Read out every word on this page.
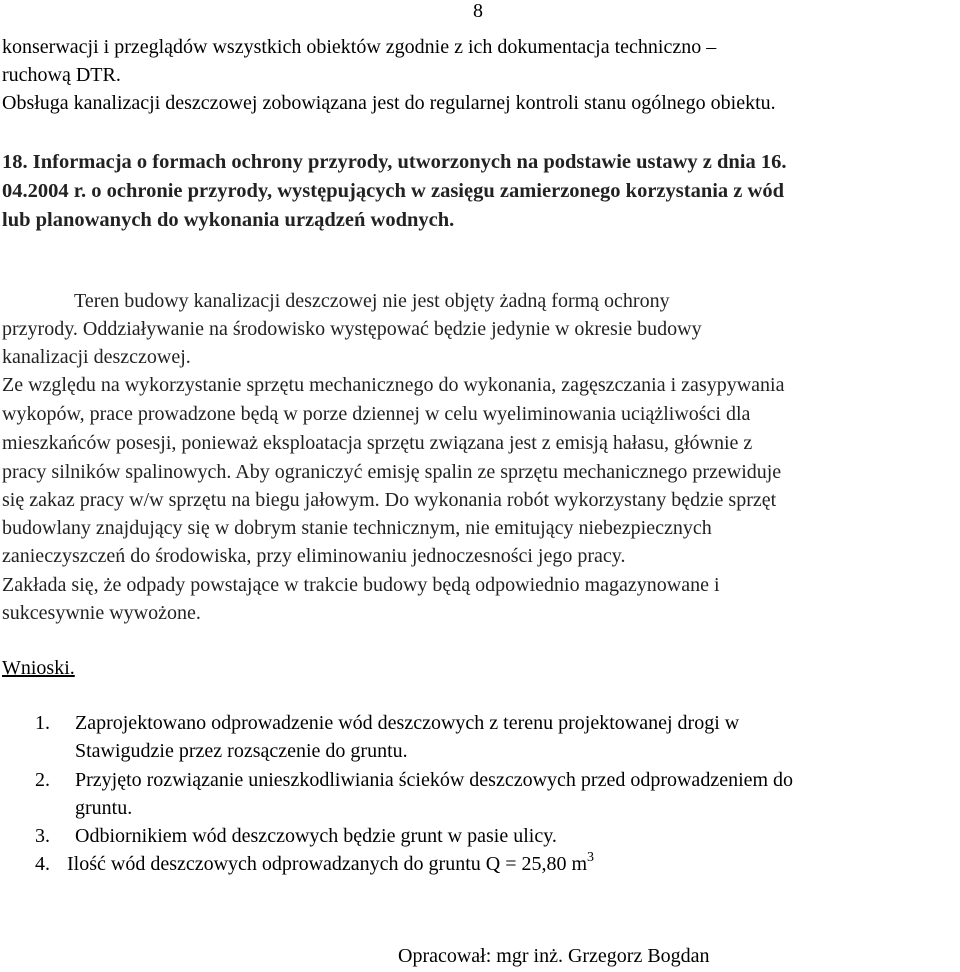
8
konserwacji i przeglądów wszystkich obiektów zgodnie z ich dokumentacja techniczno –
ruchową DTR.
Obsługa kanalizacji deszczowej zobowiązana jest do regularnej kontroli stanu ogólnego obiektu.
18. Informacja o formach ochrony przyrody, utworzonych na podstawie ustawy z dnia 16.
04.2004 r. o ochronie przyrody, występujących w zasięgu zamierzonego korzystania z wód
lub planowanych do wykonania urządzeń wodnych.
Teren budowy kanalizacji deszczowej nie jest objęty żadną formą ochrony
przyrody. Oddziaływanie na środowisko występować będzie jedynie w okresie budowy
kanalizacji deszczowej.
Ze względu na wykorzystanie sprzętu mechanicznego do wykonania, zagęszczania i zasypywania
wykopów, prace prowadzone będą w porze dziennej w celu wyeliminowania uciążliwości dla
mieszkańców posesji, ponieważ eksploatacja sprzętu związana jest z emisją hałasu, głównie z
pracy silników spalinowych. Aby ograniczyć emisję spalin ze sprzętu mechanicznego przewiduje
się zakaz pracy w/w sprzętu na biegu jałowym. Do wykonania robót wykorzystany będzie sprzęt
budowlany znajdujący się w dobrym stanie technicznym, nie emitujący niebezpiecznych
zanieczyszczeń do środowiska, przy eliminowaniu jednoczesności jego pracy.
Zakłada się, że odpady powstające w trakcie budowy będą odpowiednio magazynowane i
sukcesywnie wywożone.
Wnioski.
1. Zaprojektowano odprowadzenie wód deszczowych z terenu projektowanej drogi w
Stawigudzie przez rozsączenie do gruntu.
2. Przyjęto rozwiązanie unieszkodliwiania ścieków deszczowych przed odprowadzeniem do
gruntu.
3. Odbiornikiem wód deszczowych będzie grunt w pasie ulicy.
4. Ilość wód deszczowych odprowadzanych do gruntu Q = 25,80 $m^3$
Opracował: mgr inż. Grzegorz Bogdan
